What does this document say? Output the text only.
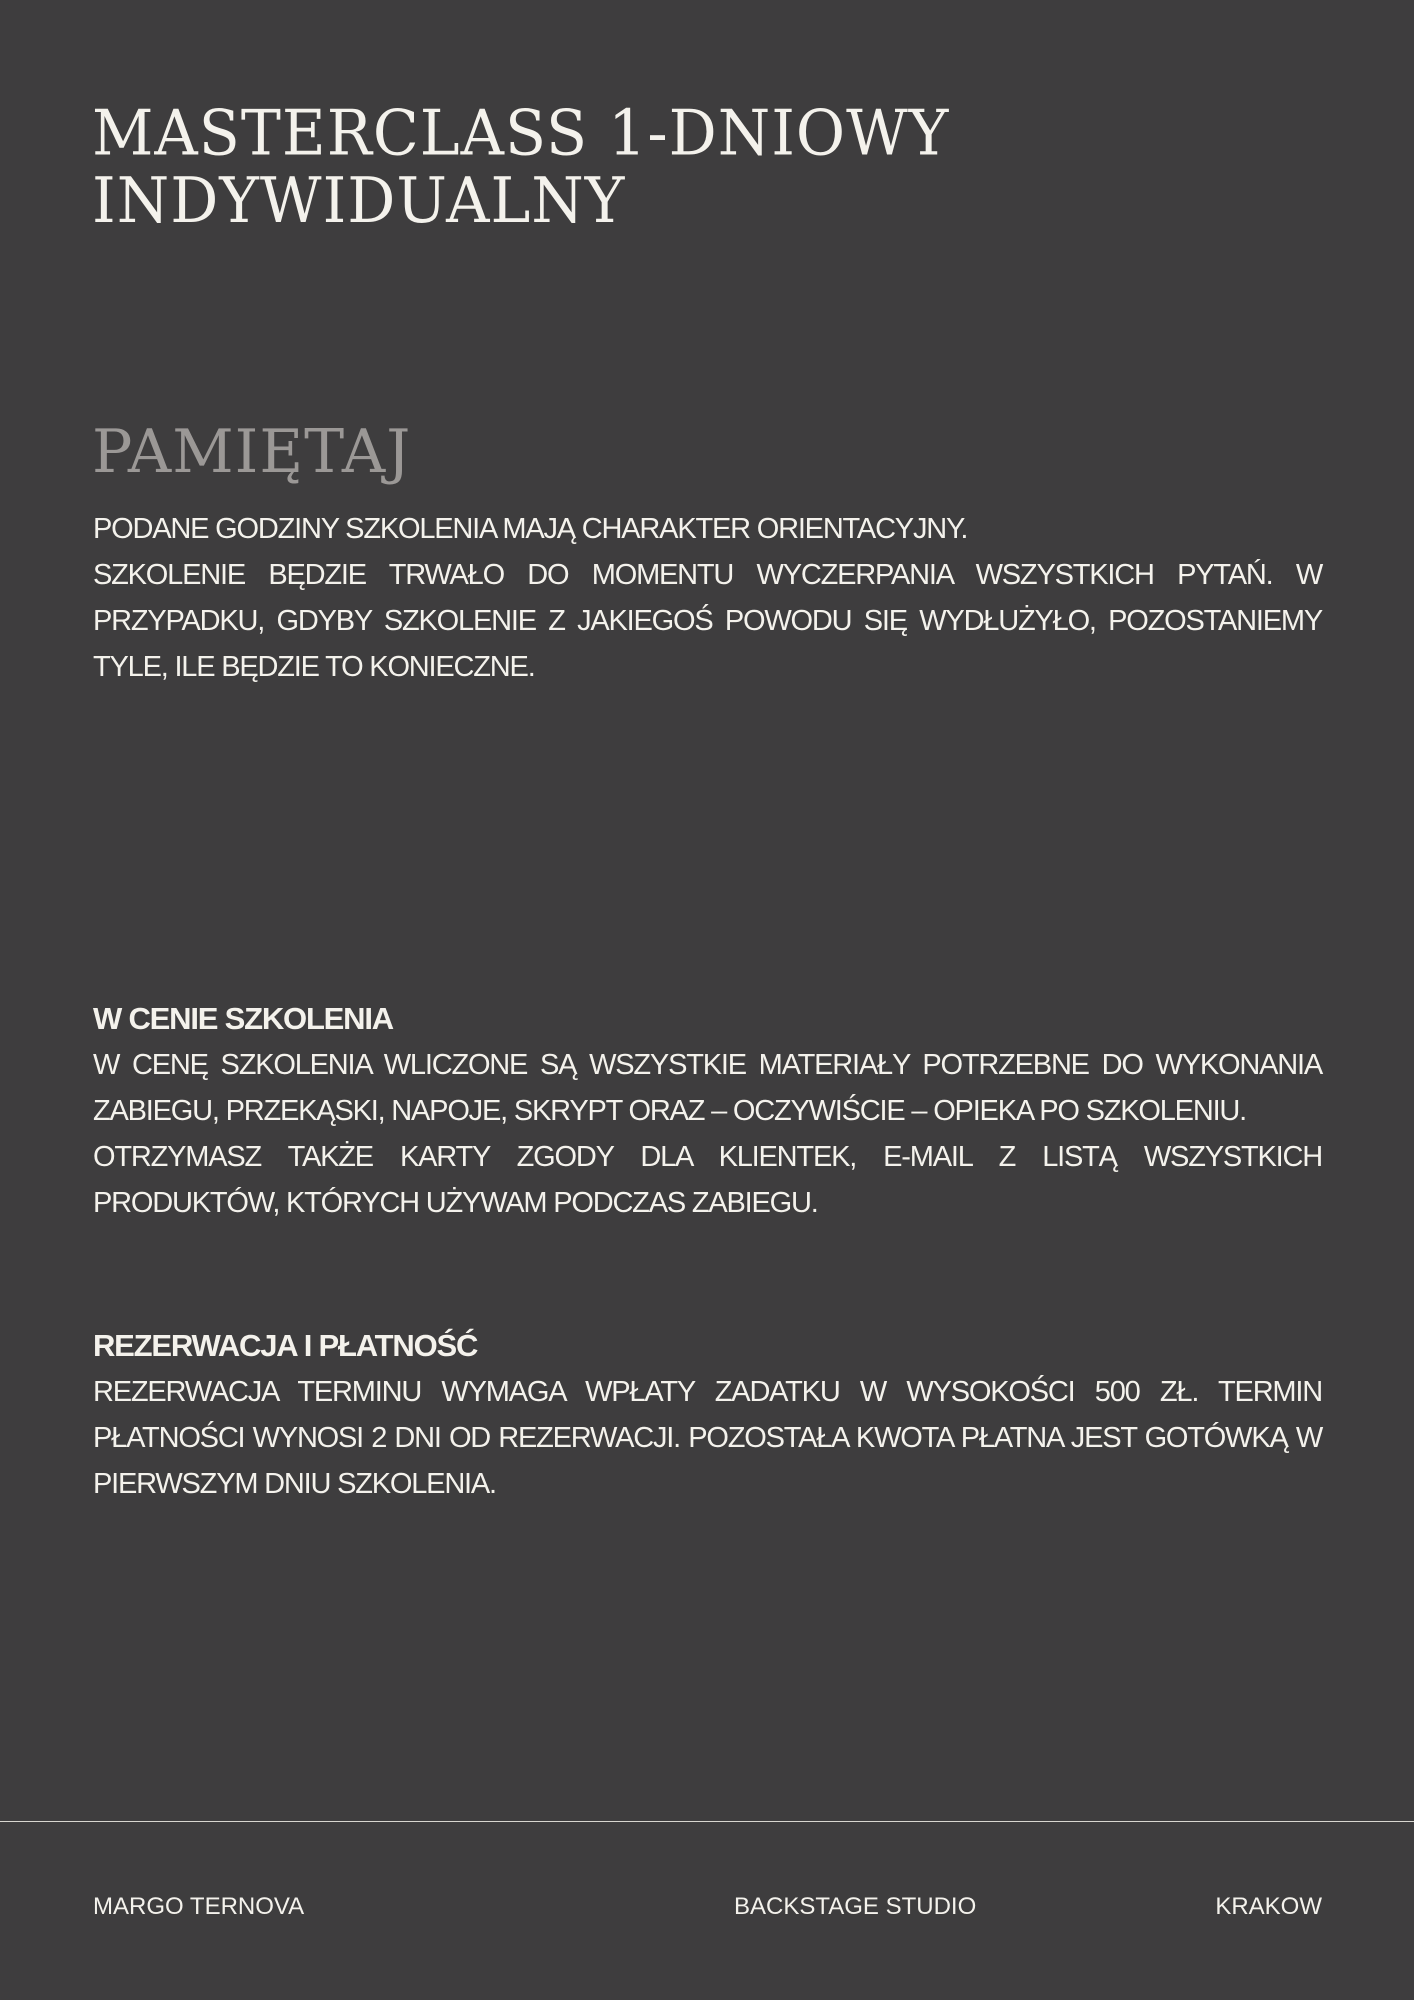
MASTERCLASS 1-DNIOWY
INDYWIDUALNY
PAMIĘTAJ

PODANE GODZINY SZKOLENIA MAJĄ CHARAKTER ORIENTACYJNY.

SZKOLENIE BĘDZIE TRWAŁO DO MOMENTU WYCZERPANIA WSZYSTKICH PYTAŃ. W PRZYPADKU, GDYBY SZKOLENIE Z JAKIEGOŚ POWODU SIĘ WYDŁUŻYŁO, POZOSTANIEMY TYLE, ILE BĘDZIE TO KONIECZNE.

W CENIE SZKOLENIA

W CENĘ SZKOLENIA WLICZONE SĄ WSZYSTKIE MATERIAŁY POTRZEBNE DO WYKONANIA ZABIEGU, PRZEKĄSKI, NAPOJE, SKRYPT ORAZ – OCZYWIŚCIE – OPIEKA PO SZKOLENIU.

OTRZYMASZ TAKŻE KARTY ZGODY DLA KLIENTEK, E-MAIL Z LISTĄ WSZYSTKICH PRODUKTÓW, KTÓRYCH UŻYWAM PODCZAS ZABIEGU.

REZERWACJA I PŁATNOŚĆ

REZERWACJA TERMINU WYMAGA WPŁATY ZADATKU W WYSOKOŚCI 500 ZŁ. TERMIN PŁATNOŚCI WYNOSI 2 DNI OD REZERWACJI. POZOSTAŁA KWOTA PŁATNA JEST GOTÓWKĄ W PIERWSZYM DNIU SZKOLENIA.

MARGO TERNOVA	BACKSTAGE STUDIO	KRAKOW
